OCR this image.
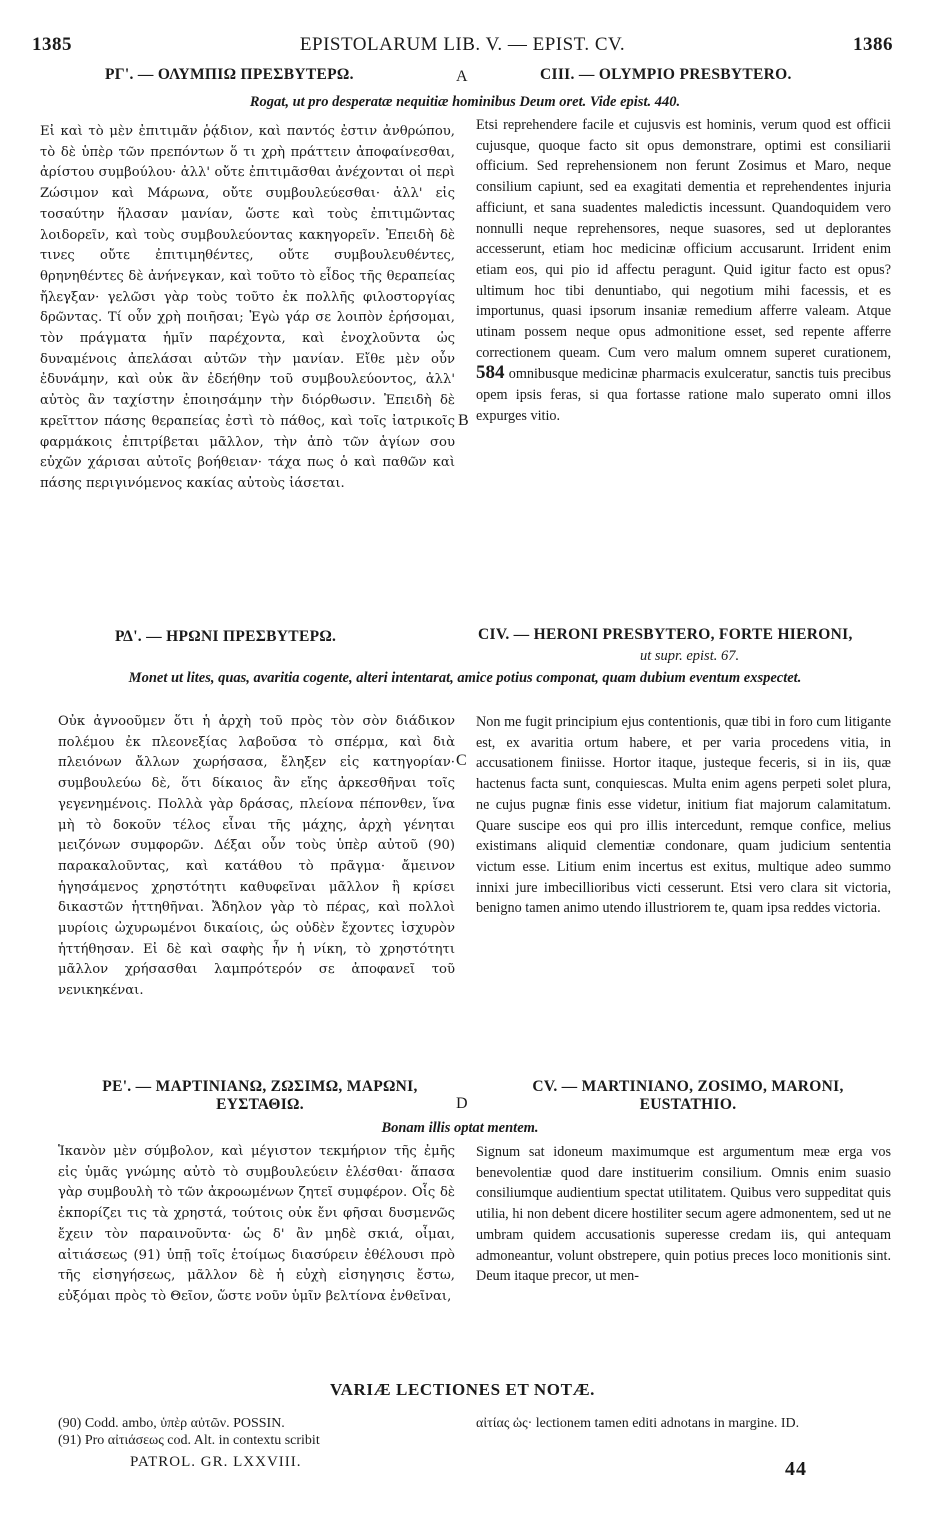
1385	EPISTOLARUM LIB. V. — EPIST. CV.	1386
ΡΓ'. — ΟΛΥΜΠΙΩ ΠΡΕΣΒΥΤΕΡΩ.	A	CIII. — OLYMPIO PRESBYTERO.
Rogat, ut pro desperatæ nequitiæ hominibus Deum oret. Vide epist. 440.
Εἰ καὶ τὸ μὲν ἐπιτιμᾶν ῥᾴδιον, καὶ παντός ἐστιν ἀνθρώπου, τὸ δὲ ὑπὲρ τῶν πρεπόντων ὅ τι χρὴ πράττειν ἀποφαίνεσθαι, ἀρίστου συμβούλου· ἀλλ' οὔτε ἐπιτιμᾶσθαι ἀνέχονται οἱ περὶ Ζώσιμον καὶ Μάρωνα, οὔτε συμβουλεύεσθαι· ἀλλ' εἰς τοσαύτην ἥλασαν μανίαν, ὥστε καὶ τοὺς ἐπιτιμῶντας λοιδορεῖν, καὶ τοὺς συμβουλεύοντας κακηγορεῖν. Ἐπειδὴ δὲ τινες οὔτε ἐπιτιμηθέντες, οὔτε συμβουλευθέντες, θρηνηθέντες δὲ ἀνήνεγκαν, καὶ τοῦτο τὸ εἶδος τῆς θεραπείας ἤλεγξαν· γελῶσι γὰρ τοὺς τοῦτο ἐκ πολλῆς φιλοστοργίας δρῶντας. Τί οὖν χρὴ ποιῆσαι; Ἐγὼ γάρ σε λοιπὸν ἐρήσομαι, τὸν πράγματα ἡμῖν παρέχοντα, καὶ ἐνοχλοῦντα ὡς δυναμένοις ἀπελάσαι αὐτῶν τὴν μανίαν. Εἴθε μὲν οὖν ἐδυνάμην, καὶ οὐκ ἂν ἐδεήθην τοῦ συμβουλεύοντος, ἀλλ' αὐτὸς ἂν ταχίστην ἐποιησάμην τὴν διόρθωσιν. Ἐπειδὴ δὲ κρεῖττον πάσης θεραπείας ἐστὶ τὸ πάθος, καὶ τοῖς ἰατρικοῖς φαρμάκοις ἐπιτρίβεται μᾶλλον, τὴν ἀπὸ τῶν ἁγίων σου εὐχῶν χάρισαι αὐτοῖς βοήθειαν· τάχα πως ὁ καὶ παθῶν καὶ πάσης περιγινόμενος κακίας αὐτοὺς ἰάσεται.
B
Etsi reprehendere facile et cujusvis est hominis, verum quod est officii cujusque, quoque facto sit opus demonstrare, optimi est consiliarii officium. Sed reprehensionem non ferunt Zosimus et Maro, neque consilium capiunt, sed ea exagitati dementia et reprehendentes injuria afficiunt, et sana suadentes maledictis incessunt. Quandoquidem vero nonnulli neque reprehensores, neque suasores, sed ut deplorantes accesserunt, etiam hoc medicinæ officium accusarunt. Irrident enim etiam eos, qui pio id affectu peragunt. Quid igitur facto est opus? ultimum hoc tibi denuntiabo, qui negotium mihi facessis, et es importunus, quasi ipsorum insaniæ remedium afferre valeam. Atque utinam possem neque opus admonitione esset, sed repente afferre correctionem queam. Cum vero malum omnem superet curationem, 584 omnibusque medicinæ pharmacis exulceratur, sanctis tuis precibus opem ipsis feras, si qua fortasse ratione malo superato omni illos expurges vitio.
ΡΔ'. — ΗΡΩΝΙ ΠΡΕΣΒΥΤΕΡΩ.	CIV. — HERONI PRESBYTERO, FORTE HIERONI,
ut supr. epist. 67.
Monet ut lites, quas, avaritia cogente, alteri intentarat, amice potius componat, quam dubium eventum exspectet.
Οὐκ ἀγνοοῦμεν ὅτι ἡ ἀρχὴ τοῦ πρὸς τὸν σὸν διάδικον πολέμου ἐκ πλεονεξίας λαβοῦσα τὸ σπέρμα, καὶ διὰ πλειόνων ἄλλων χωρήσασα, ἔληξεν εἰς κατηγορίαν· συμβουλεύω δὲ, ὅτι δίκαιος ἂν εἴης ἀρκεσθῆναι τοῖς γεγενημένοις. Πολλὰ γὰρ δράσας, πλείονα πέπονθεν, ἵνα μὴ τὸ δοκοῦν τέλος εἶναι τῆς μάχης, ἀρχὴ γένηται μειζόνων συμφορῶν. Δέξαι οὖν τοὺς ὑπὲρ αὐτοῦ (90) παρακαλοῦντας, καὶ κατάθου τὸ πρᾶγμα· ἄμεινον ἡγησάμενος χρηστότητι καθυφεῖναι μᾶλλον ἢ κρίσει δικαστῶν ἡττηθῆναι. Ἄδηλον γὰρ τὸ πέρας, καὶ πολλοὶ μυρίοις ὠχυρωμένοι δικαίοις, ὡς οὐδὲν ἔχοντες ἰσχυρὸν ἡττήθησαν. Εἰ δὲ καὶ σαφὴς ἦν ἡ νίκη, τὸ χρηστότητι μᾶλλον χρήσασθαι λαμπρότερόν σε ἀποφανεῖ τοῦ νενικηκέναι.
C
Non me fugit principium ejus contentionis, quæ tibi in foro cum litigante est, ex avaritia ortum habere, et per varia procedens vitia, in accusationem finiisse. Hortor itaque, justeque feceris, si in iis, quæ hactenus facta sunt, conquiescas. Multa enim agens perpeti solet plura, ne cujus pugnæ finis esse videtur, initium fiat majorum calamitatum. Quare suscipe eos qui pro illis intercedunt, remque confice, melius existimans aliquid clementiæ condonare, quam judicium sententia victum esse. Litium enim incertus est exitus, multique adeo summo innixi jure imbecillioribus victi cesserunt. Etsi vero clara sit victoria, benigno tamen animo utendo illustriorem te, quam ipsa reddes victoria.
ΡΕ'. — ΜΑΡΤΙΝΙΑΝΩ, ΖΩΣΙΜΩ, ΜΑΡΩΝΙ,
ΕΥΣΤΑΘΙΩ.	D
CV. — MARTINIANO, ZOSIMO, MARONI,
EUSTATHIO.
Bonam illis optat mentem.
Ἱκανὸν μὲν σύμβολον, καὶ μέγιστον τεκμήριον τῆς ἐμῆς εἰς ὑμᾶς γνώμης αὐτὸ τὸ συμβουλεύειν ἑλέσθαι· ἅπασα γὰρ συμβουλὴ τὸ τῶν ἀκροωμένων ζητεῖ συμφέρον. Οἷς δὲ ἐκπορίζει τις τὰ χρηστά, τούτοις οὐκ ἔνι φῆσαι δυσμενῶς ἔχειν τὸν παραινοῦντα· ὡς δ' ἂν μηδὲ σκιά, οἶμαι, αἰτιάσεως (91) ὑπῇ τοῖς ἑτοίμως διασύρειν ἐθέλουσι πρὸ τῆς εἰσηγήσεως, μᾶλλον δὲ ἡ εὐχὴ εἰσηγησις ἔστω, εὐξόμαι πρὸς τὸ Θεῖον, ὥστε νοῦν ὑμῖν βελτίονα ἐνθεῖναι,
Signum sat idoneum maximumque est argumentum meæ erga vos benevolentiæ quod dare instituerim consilium. Omnis enim suasio consiliumque audientium spectat utilitatem. Quibus vero suppeditat quis utilia, hi non debent dicere hostiliter secum agere admonentem, sed ut ne umbram quidem accusationis superesse credam iis, qui antequam admoneantur, volunt obstrepere, quin potius preces loco monitionis sint. Deum itaque precor, ut men-
VARIÆ LECTIONES ET NOTÆ.
(90) Codd. ambo, ὑπὲρ αὐτῶν. POSSIN.
(91) Pro αἰτιάσεως cod. Alt. in contextu scribit
αἰτίας ὡς· lectionem tamen editi adnotans in margine. ID.
PATROL. GR. LXXVIII.	44
